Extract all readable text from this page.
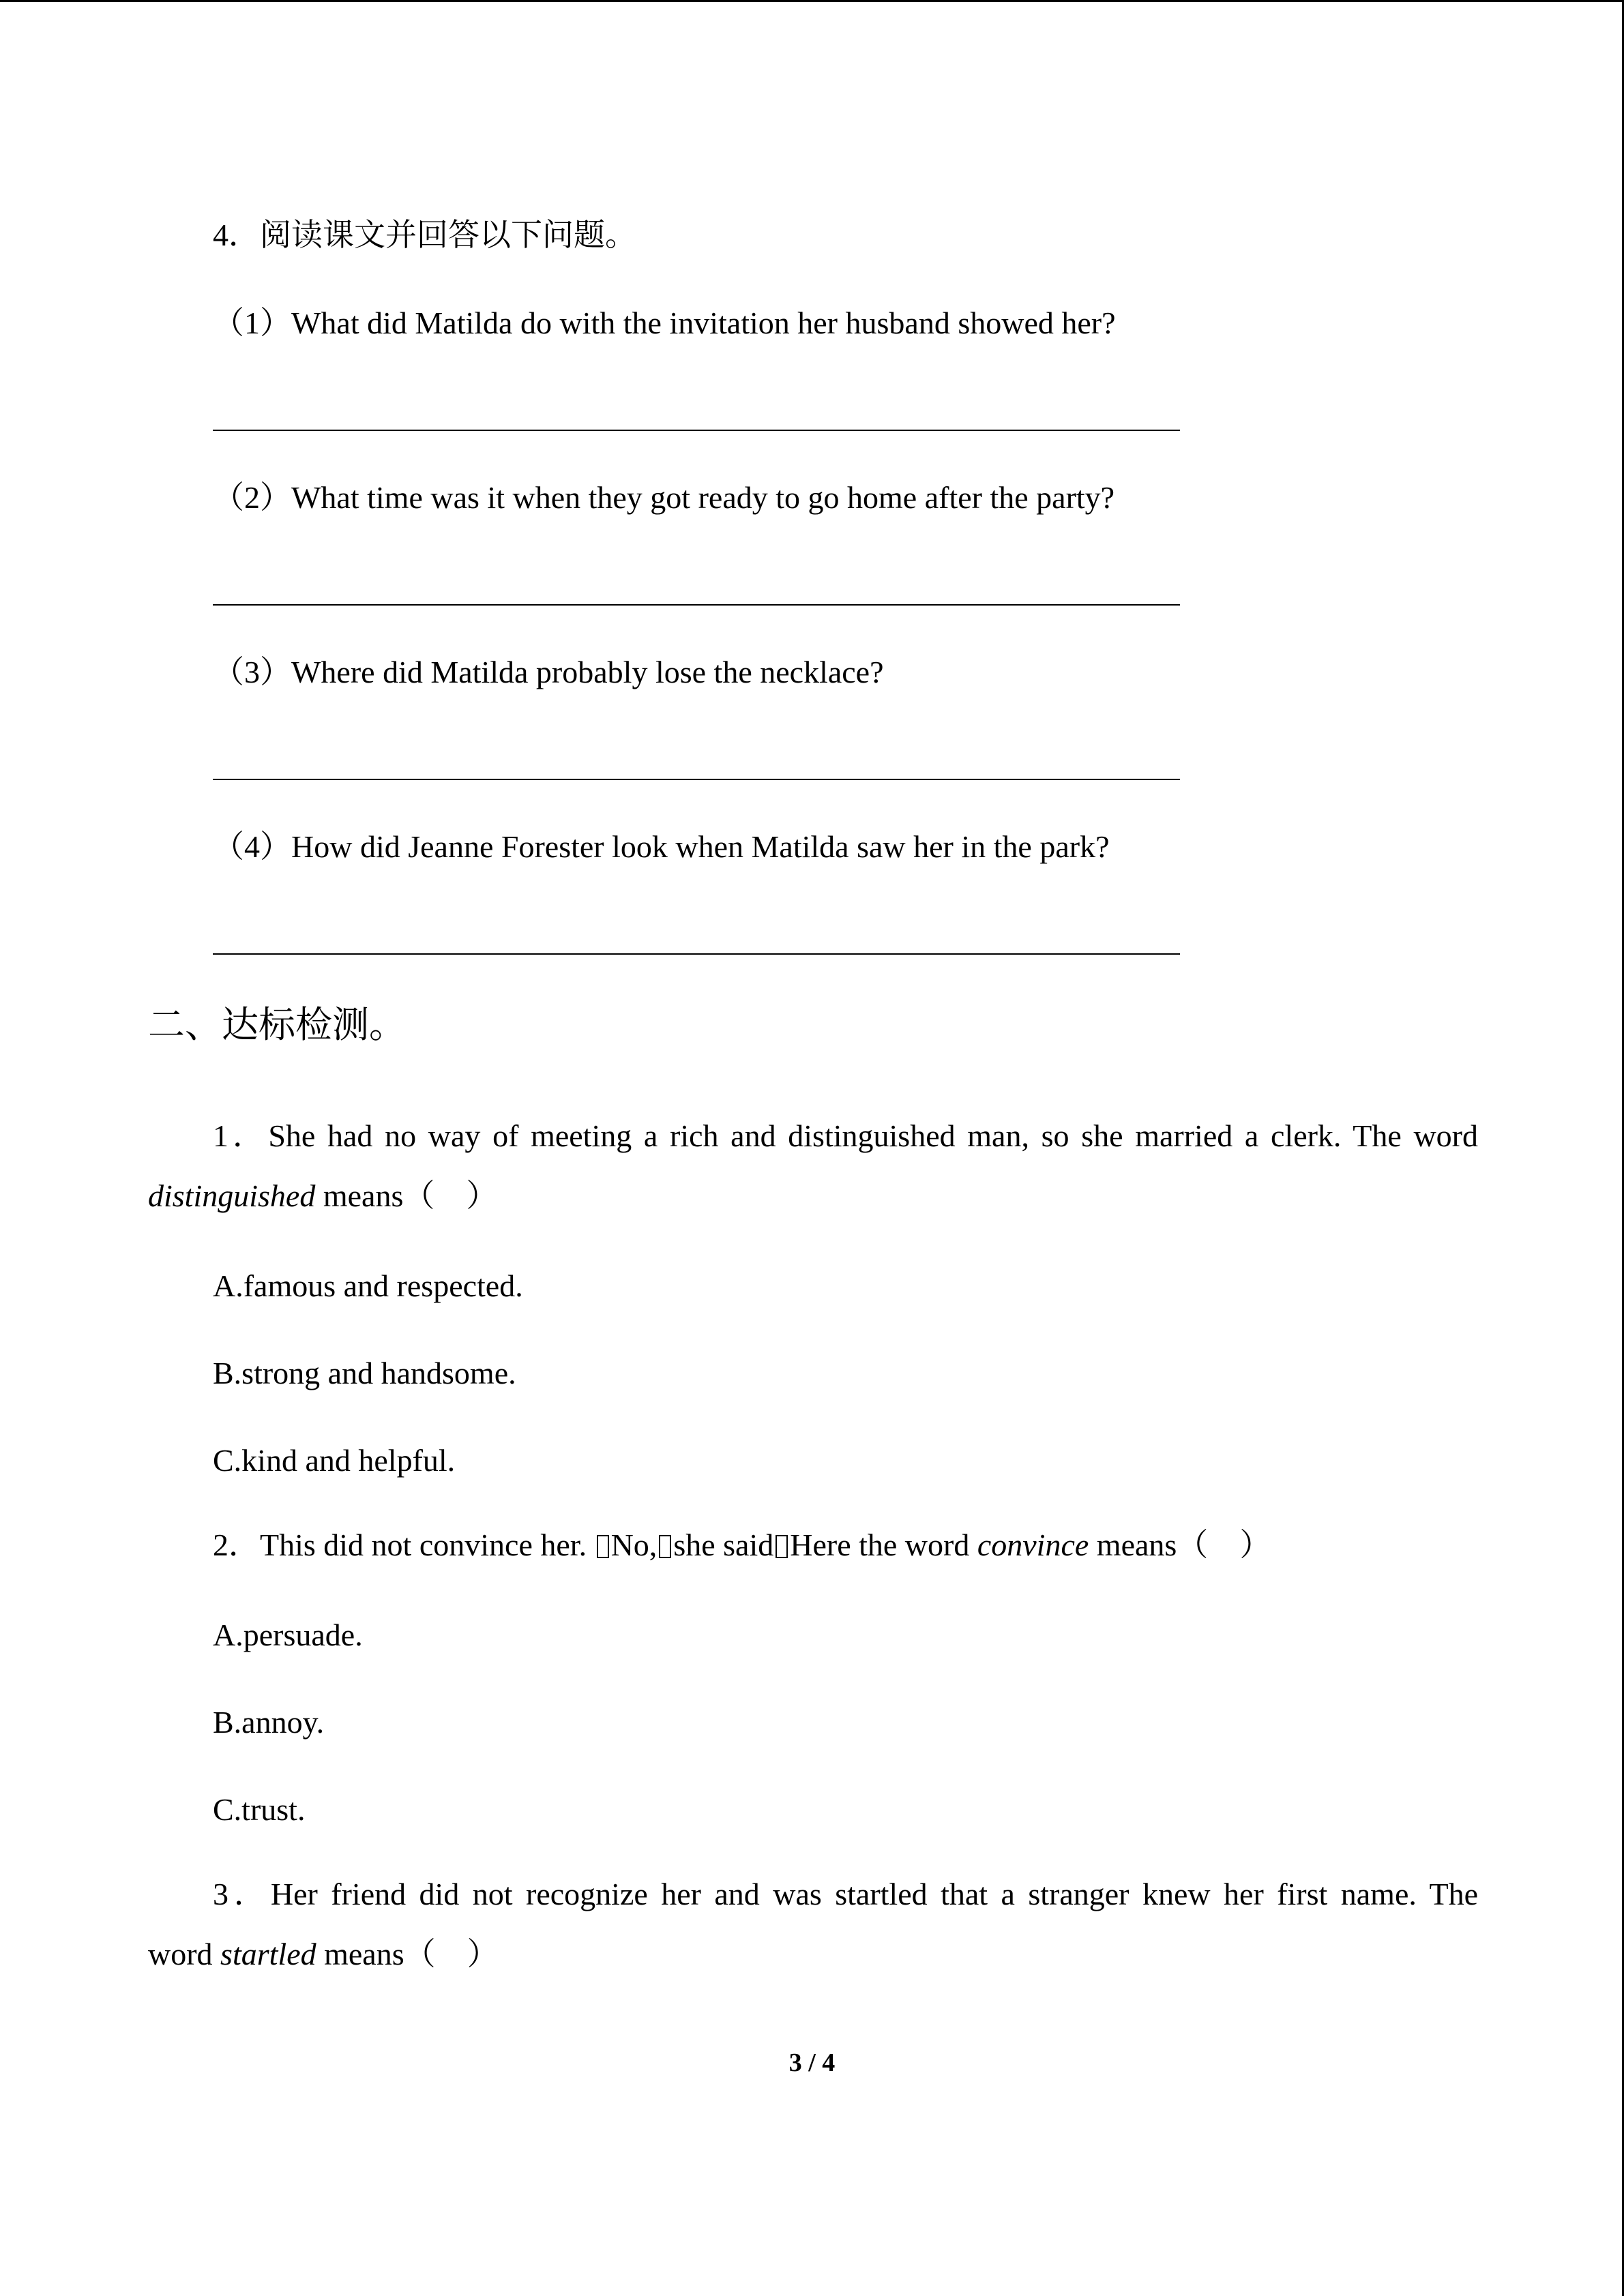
4．阅读课文并回答以下问题。
（1）What did Matilda do with the invitation her husband showed her?
（2）What time was it when they got ready to go home after the party?
（3）Where did Matilda probably lose the necklace?
（4）How did Jeanne Forester look when Matilda saw her in the park?
二、达标检测。
1．She had no way of meeting a rich and distinguished man, so she married a clerk. The word
distinguished means（　）
A.famous and respected.
B.strong and handsome.
C.kind and helpful.
2．This did not convince her. No, she said Here the word convince means（　）
A.persuade.
B.annoy.
C.trust.
3．Her friend did not recognize her and was startled that a stranger knew her first name. The
word startled means（　）
3 / 4
